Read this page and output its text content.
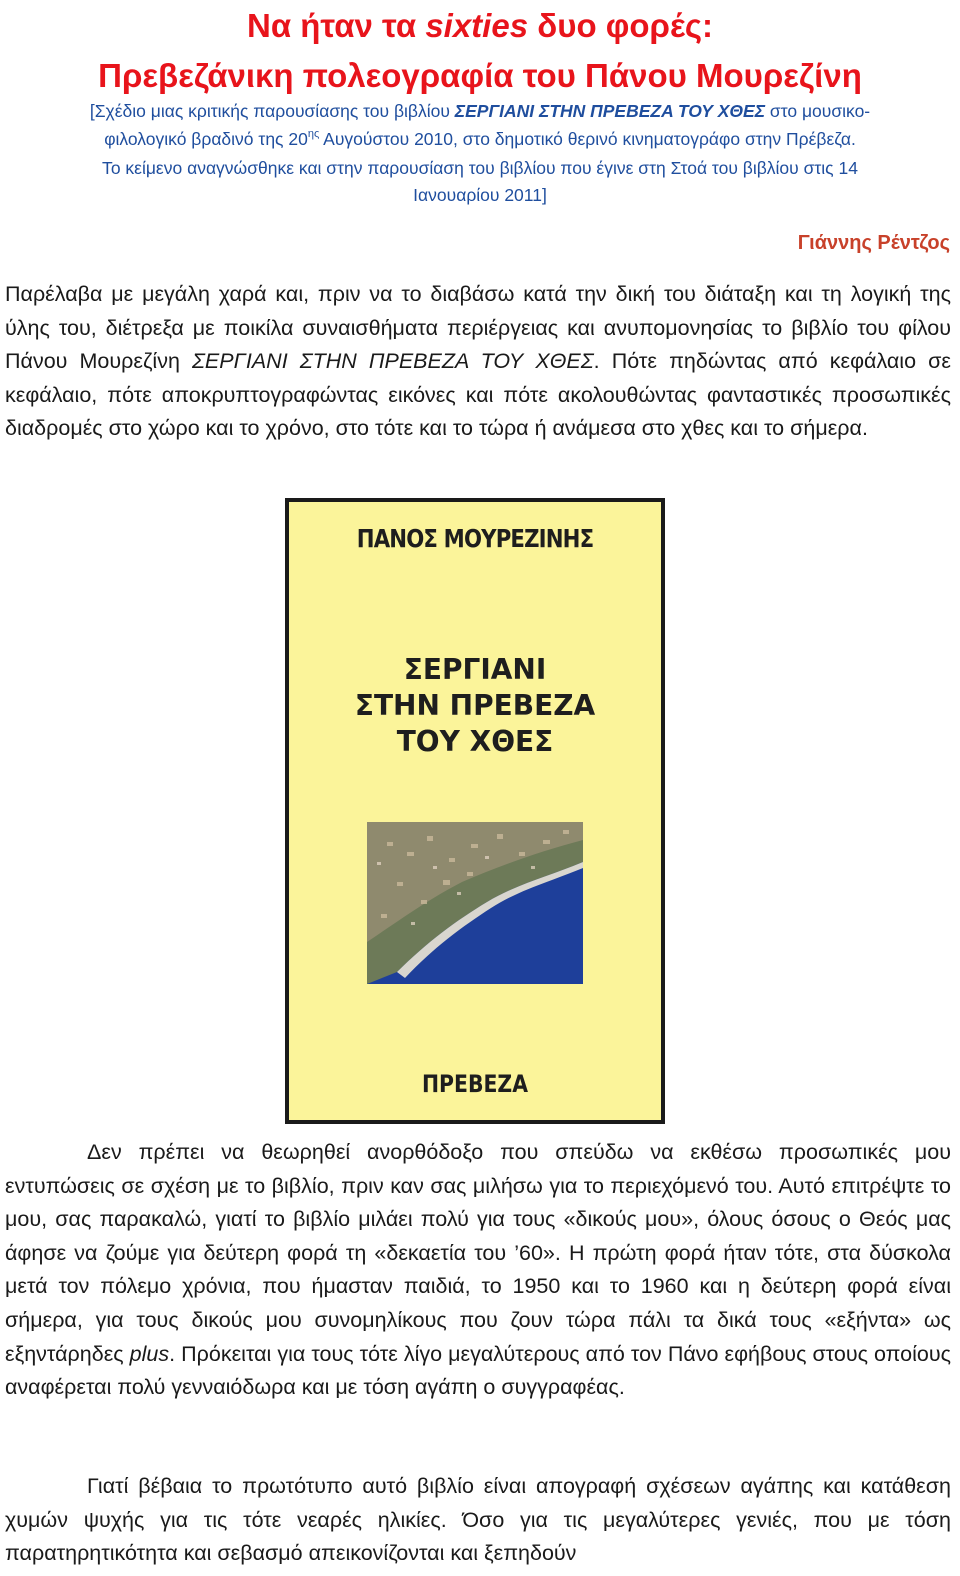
Να ήταν τα sixties δυο φορές:
Πρεβεζάνικη πολεογραφία του Πάνου Μουρεζίνη

[Σχέδιο μιας κριτικής παρουσίασης του βιβλίου ΣΕΡΓΙΑΝΙ ΣΤΗΝ ΠΡΕΒΕΖΑ ΤΟΥ ΧΘΕΣ στο μουσικο-

φιλολογικό βραδινό της $20^{\eta\varsigma}$ Αυγούστου 2010, στο δημοτικό θερινό κινηματογράφο στην Πρέβεζα.

Το κείμενο αναγνώσθηκε και στην παρουσίαση του βιβλίου που έγινε στη Στοά του βιβλίου στις 14

Ιανουαρίου 2011]

Γιάννης Ρέντζος

Παρέλαβα με μεγάλη χαρά και, πριν να το διαβάσω κατά την δική του διάταξη και τη λογική της ύλης του, διέτρεξα με ποικίλα συναισθήματα περιέργειας και ανυπομονησίας το βιβλίο του φίλου Πάνου Μουρεζίνη ΣΕΡΓΙΑΝΙ ΣΤΗΝ ΠΡΕΒΕΖΑ ΤΟΥ ΧΘΕΣ. Πότε πηδώντας από κεφάλαιο σε κεφάλαιο, πότε αποκρυπτογραφώντας εικόνες και πότε ακολουθώντας φανταστικές προσωπικές διαδρομές στο χώρο και το χρόνο, στο τότε και το τώρα ή ανάμεσα στο χθες και το σήμερα.

ΠΑΝΟΣ ΜΟΥΡΕΖΙΝΗΣ
ΣΕΡΓΙΑΝΙ
ΣΤΗΝ ΠΡΕΒΕΖΑ
ΤΟΥ ΧΘΕΣ
ΠΡΕΒΕΖΑ

Δεν πρέπει να θεωρηθεί ανορθόδοξο που σπεύδω να εκθέσω προσωπικές μου εντυπώσεις σε σχέση με το βιβλίο, πριν καν σας μιλήσω για το περιεχόμενό του. Αυτό επιτρέψτε το μου, σας παρακαλώ, γιατί το βιβλίο μιλάει πολύ για τους «δικούς μου», όλους όσους ο Θεός μας άφησε να ζούμε για δεύτερη φορά τη «δεκαετία του ’60». Η πρώτη φορά ήταν τότε, στα δύσκολα μετά τον πόλεμο χρόνια, που ήμασταν παιδιά, το 1950 και το 1960 και η δεύτερη φορά είναι σήμερα, για τους δικούς μου συνομηλίκους που ζουν τώρα πάλι τα δικά τους «εξήντα» ως εξηντάρηδες plus. Πρόκειται για τους τότε λίγο μεγαλύτερους από τον Πάνο εφήβους στους οποίους αναφέρεται πολύ γενναιόδωρα και με τόση αγάπη ο συγγραφέας.

Γιατί βέβαια το πρωτότυπο αυτό βιβλίο είναι απογραφή σχέσεων αγάπης και κατάθεση χυμών ψυχής για τις τότε νεαρές ηλικίες. Όσο για τις μεγαλύτερες γενιές, που με τόση παρατηρητικότητα και σεβασμό απεικονίζονται και ξεπηδούν
